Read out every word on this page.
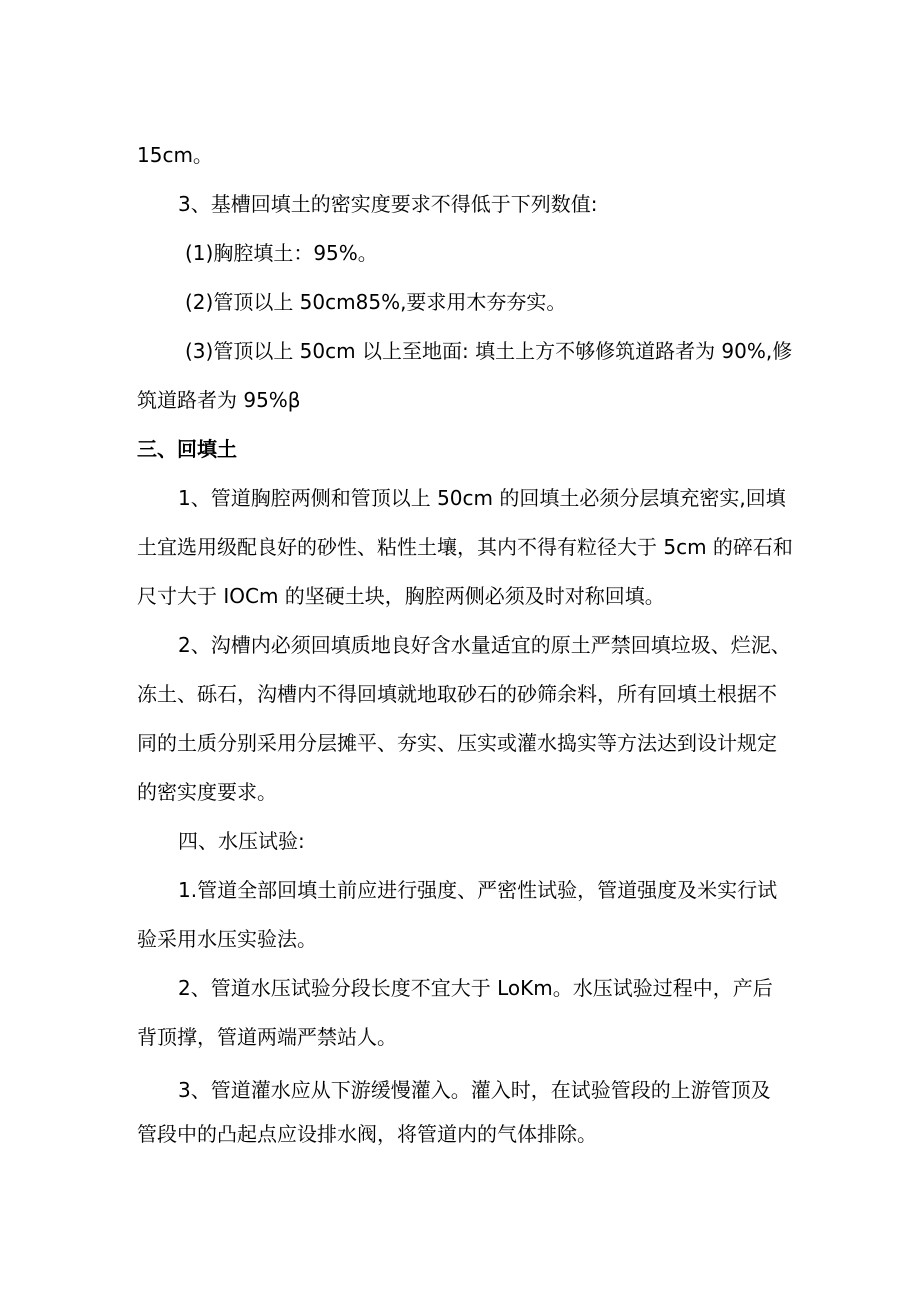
15cm。
3、基槽回填土的密实度要求不得低于下列数值:
(1)胸腔填土：95%。
(2)管顶以上 50cm85%,要求用木夯夯实。
(3)管顶以上 50cm 以上至地面: 填土上方不够修筑道路者为 90%,修
筑道路者为 95%β
三、回填土
1、管道胸腔两侧和管顶以上 50cm 的回填土必须分层填充密实,回填
土宜选用级配良好的砂性、粘性土壤，其内不得有粒径大于 5cm 的碎石和
尺寸大于 IOCm 的坚硬土块，胸腔两侧必须及时对称回填。
2、沟槽内必须回填质地良好含水量适宜的原土严禁回填垃圾、烂泥、
冻土、砾石，沟槽内不得回填就地取砂石的砂筛余料，所有回填土根据不
同的土质分别采用分层摊平、夯实、压实或灌水捣实等方法达到设计规定
的密实度要求。
四、水压试验:
1.管道全部回填土前应进行强度、严密性试验，管道强度及米实行试
验采用水压实验法。
2、管道水压试验分段长度不宜大于 LoKm。水压试验过程中，产后
背顶撑，管道两端严禁站人。
3、管道灌水应从下游缓慢灌入。灌入时，在试验管段的上游管顶及
管段中的凸起点应设排水阀，将管道内的气体排除。
